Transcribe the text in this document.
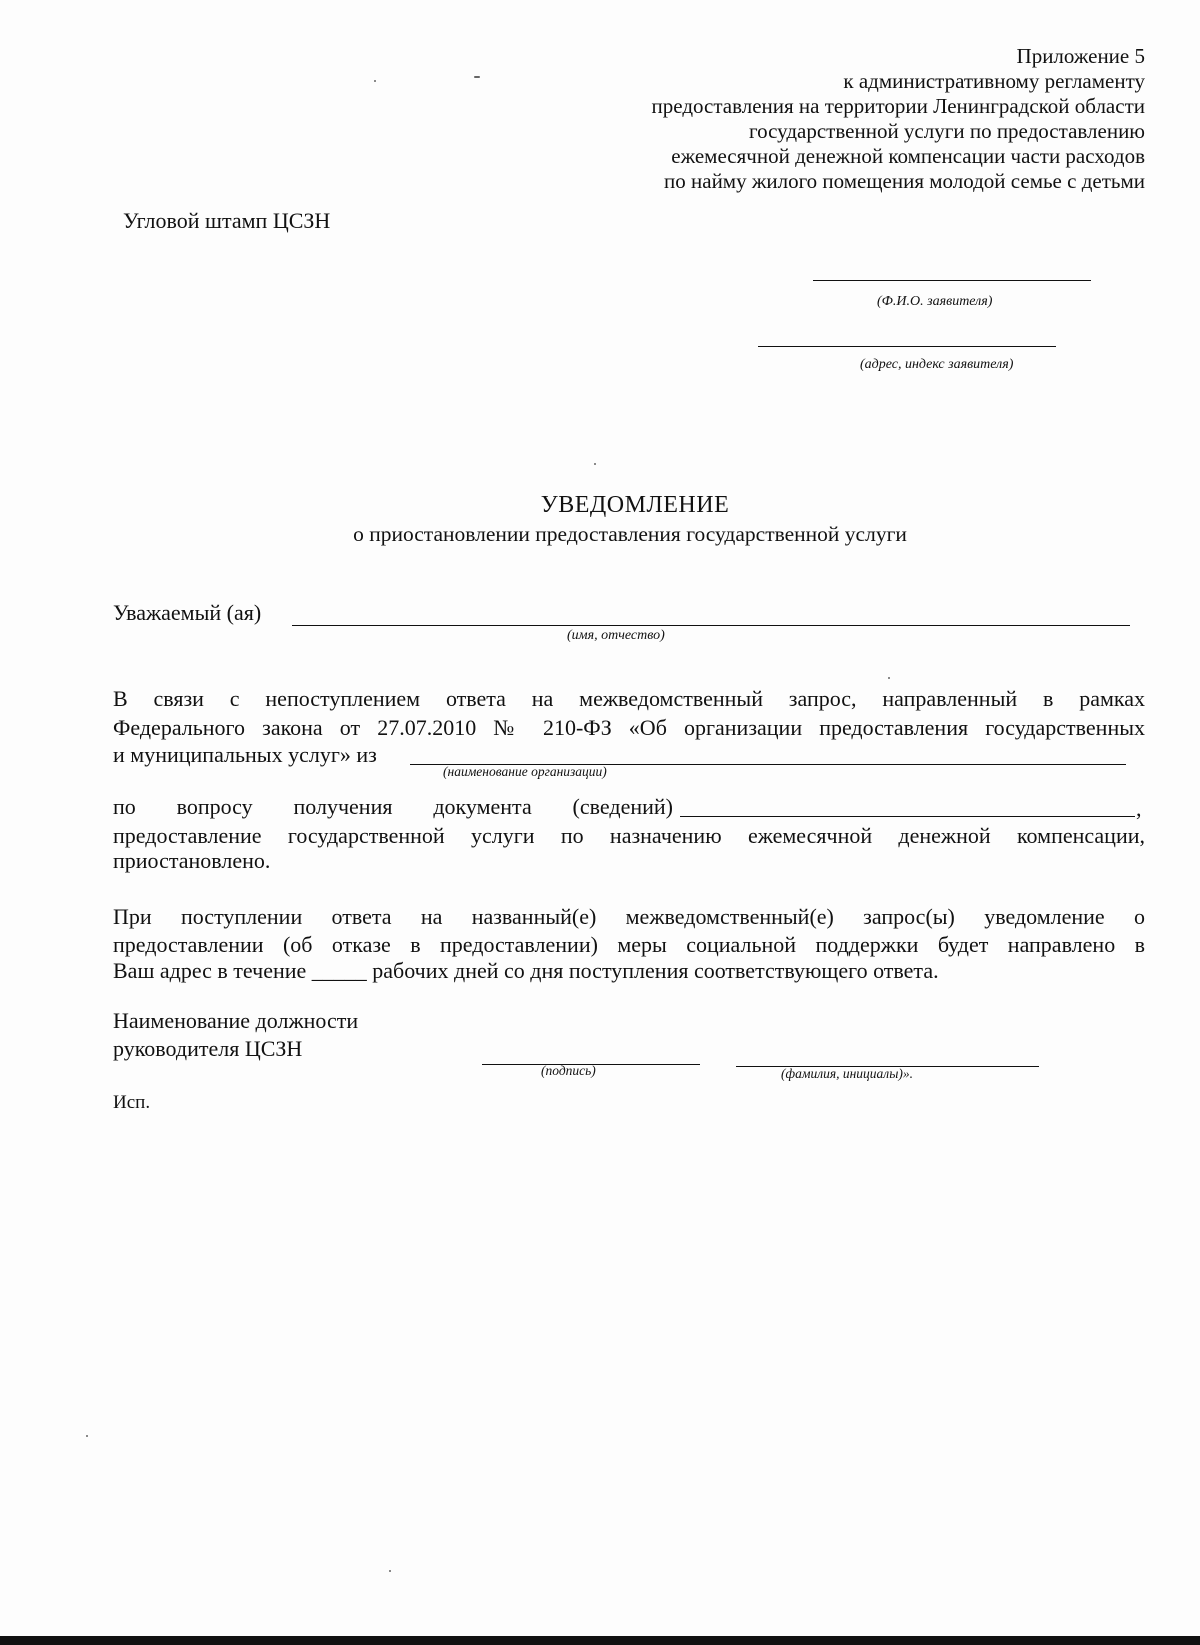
Приложение 5
к административному регламенту
предоставления на территории Ленинградской области
государственной услуги по предоставлению
ежемесячной денежной компенсации части расходов
по найму жилого помещения молодой семье с детьми
Угловой штамп ЦСЗН
(Ф.И.О. заявителя)
(адрес, индекс заявителя)
УВЕДОМЛЕНИЕ
о приостановлении предоставления государственной услуги
Уважаемый (ая)
(имя, отчество)
В связи с непоступлением ответа на межведомственный запрос, направленный в рамках
Федерального закона от 27.07.2010 № 210-ФЗ «Об организации предоставления государственных
и муниципальных услуг» из
(наименование организации)
по вопросу получения документа (сведений)	,
предоставление государственной услуги по назначению ежемесячной денежной компенсации,
приостановлено.
При поступлении ответа на названный(е) межведомственный(е) запрос(ы) уведомление о
предоставлении (об отказе в предоставлении) меры социальной поддержки будет направлено в
Ваш адрес в течение _____ рабочих дней со дня поступления соответствующего ответа.
Наименование должности
руководителя ЦСЗН
(подпись)	(фамилия, инициалы)».
Исп.
